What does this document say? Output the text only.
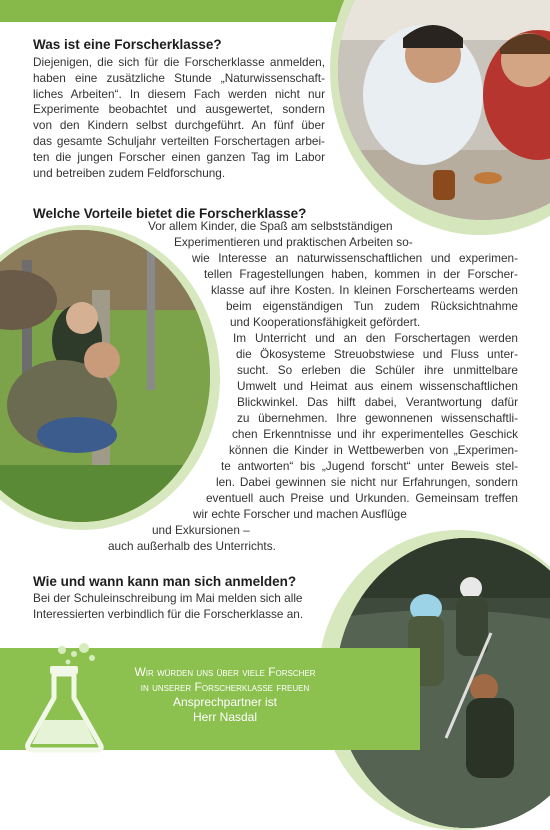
Was ist eine Forscherklasse?
Diejenigen, die sich für die Forscherklasse anmelden,
haben eine zusätzliche Stunde „Naturwissenschaft-
liches Arbeiten“. In diesem Fach werden nicht nur
Experimente beobachtet und ausgewertet, sondern
von den Kindern selbst durchgeführt. An fünf über
das gesamte Schuljahr verteilten Forschertagen arbei-
ten die jungen Forscher einen ganzen Tag im Labor
und betreiben zudem Feldforschung.
Welche Vorteile bietet die Forscherklasse?
Vor allem Kinder, die Spaß am selbstständigen
Experimentieren und praktischen Arbeiten so-
wie Interesse an naturwissenschaftlichen und experimen-
tellen Fragestellungen haben, kommen in der Forscher-
klasse auf ihre Kosten. In kleinen Forscherteams werden
beim eigenständigen Tun zudem Rücksichtnahme
und Kooperationsfähigkeit gefördert.
Im Unterricht und an den Forschertagen werden
die Ökosysteme Streuobstwiese und Fluss unter-
sucht. So erleben die Schüler ihre unmittelbare
Umwelt und Heimat aus einem wissenschaftlichen
Blickwinkel. Das hilft dabei, Verantwortung dafür
zu übernehmen. Ihre gewonnenen wissenschaftli-
chen Erkenntnisse und ihr experimentelles Geschick
können die Kinder in Wettbewerben von „Experimen-
te antworten“ bis „Jugend forscht“ unter Beweis stel-
len. Dabei gewinnen sie nicht nur Erfahrungen, sondern
eventuell auch Preise und Urkunden. Gemeinsam treffen
wir echte Forscher und machen Ausflüge
und Exkursionen –
auch außerhalb des Unterrichts.
Wie und wann kann man sich anmelden?
Bei der Schuleinschreibung im Mai melden sich alle
Interessierten verbindlich für die Forscherklasse an.
Wir würden uns über viele Forscher
in unserer Forscherklasse freuen
Ansprechpartner ist
Herr Nasdal
